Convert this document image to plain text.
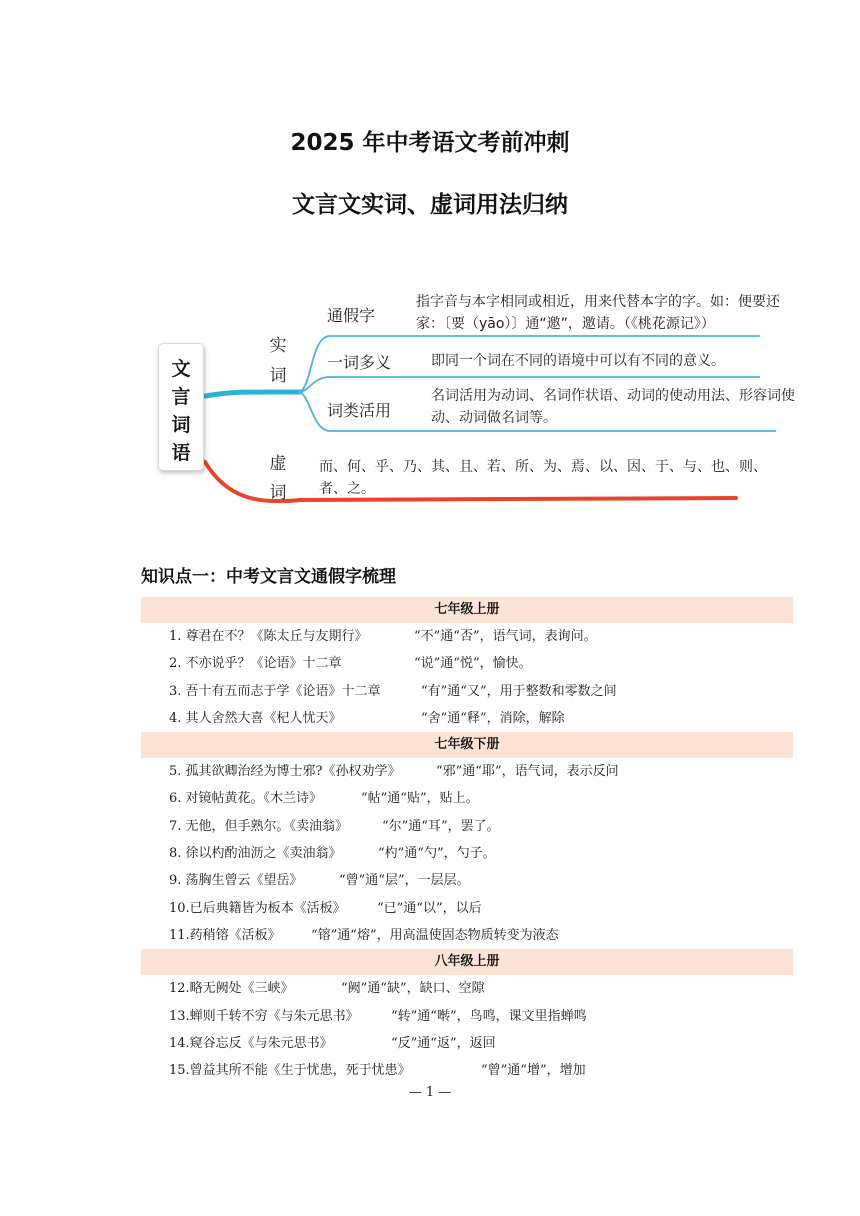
2025 年中考语文考前冲刺
文言文实词、虚词用法归纳
文
言
词
语
实
词
虚
词
通假字
一词多义
词类活用
指字音与本字相同或相近，用来代替本字的字。如：便要还
家：〔要（yāo）〕通“邀”，邀请。（《桃花源记》）
即同一个词在不同的语境中可以有不同的意义。
名词活用为动词、名词作状语、动词的使动用法、形容词使
动、动词做名词等。
而、何、乎、乃、其、且、若、所、为、焉、以、因、于、与、也、则、
者、之。
知识点一：中考文言文通假字梳理
七年级上册
1. 尊君在不？《陈太丘与友期行》	“不”通“否”，语气词，表询问。
2. 不亦说乎？《论语》十二章	“说”通“悦”，愉快。
3. 吾十有五而志于学《论语》十二章	“有”通“又”，用于整数和零数之间
4. 其人舍然大喜《杞人忧天》	“舍”通“释”，消除，解除
七年级下册
5. 孤其欲卿治经为博士邪?《孙权劝学》	“邪”通“耶”，语气词，表示反问
6. 对镜帖黄花。《木兰诗》	“帖”通“贴”，贴上。
7. 无他，但手熟尔。《卖油翁》	“尔”通“耳”，罢了。
8. 徐以杓酌油沥之《卖油翁》	“杓”通“勺”，勺子。
9. 荡胸生曾云《望岳》	“曾”通“层”，一层层。
10.已后典籍皆为板本《活板》 “已”通“以”，以后
11.药稍镕《活板》 “镕”通“熔”，用高温使固态物质转变为液态
八年级上册
12.略无阙处《三峡》	“阙”通“缺”，缺口、空隙
13.蝉则千转不穷《与朱元思书》 “转”通“啭”，鸟鸣，课文里指蝉鸣
14.窥谷忘反《与朱元思书》	“反”通“返”，返回
15.曾益其所不能《生于忧患，死于忧患》	“曾”通“增”，增加
— 1 —
